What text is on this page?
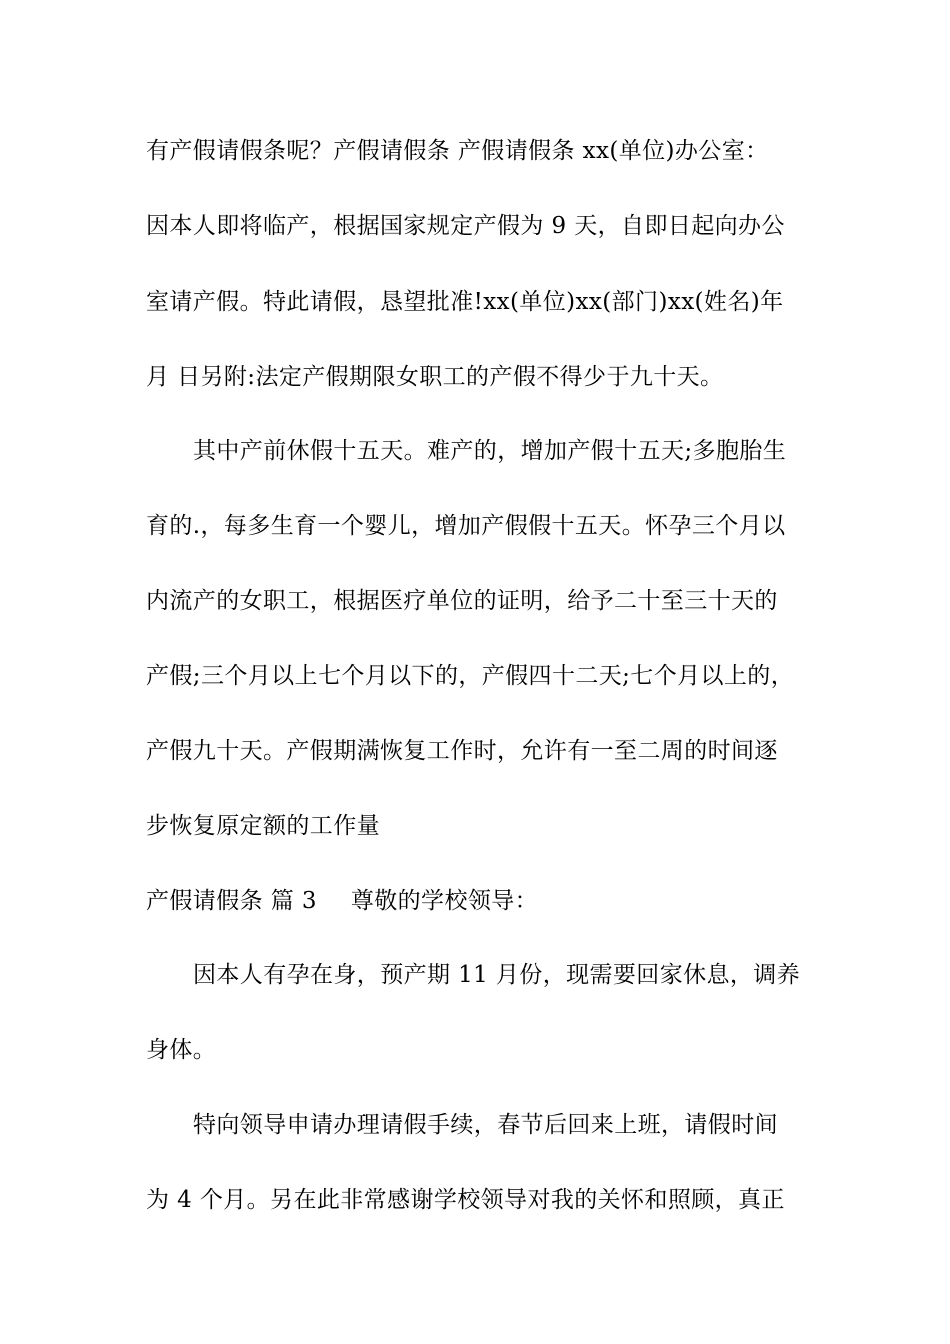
有产假请假条呢？产假请假条 产假请假条 xx(单位)办公室：
因本人即将临产，根据国家规定产假为 9 天，自即日起向办公
室请产假。特此请假，恳望批准!xx(单位)xx(部门)xx(姓名)年
月 日另附:法定产假期限女职工的产假不得少于九十天。
其中产前休假十五天。难产的，增加产假十五天;多胞胎生
育的.，每多生育一个婴儿，增加产假假十五天。怀孕三个月以
内流产的女职工，根据医疗单位的证明，给予二十至三十天的
产假;三个月以上七个月以下的，产假四十二天;七个月以上的，
产假九十天。产假期满恢复工作时，允许有一至二周的时间逐
步恢复原定额的工作量
产假请假条 篇 3 尊敬的学校领导：
因本人有孕在身，预产期 11 月份，现需要回家休息，调养
身体。
特向领导申请办理请假手续，春节后回来上班，请假时间
为 4 个月。另在此非常感谢学校领导对我的关怀和照顾，真正
